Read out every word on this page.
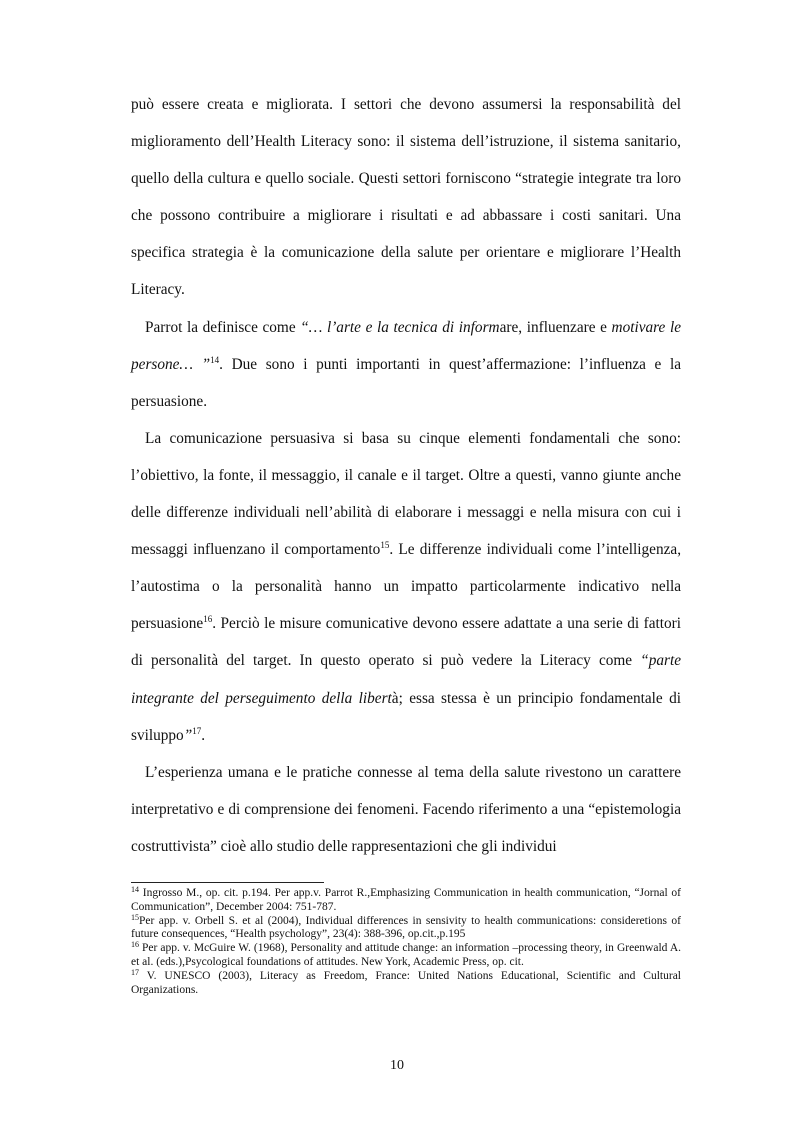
può essere creata e migliorata. I settori che devono assumersi la responsabilità del miglioramento dell’Health Literacy sono: il sistema dell’istruzione, il sistema sanitario, quello della cultura e quello sociale. Questi settori forniscono “strategie integrate tra loro che possono contribuire a migliorare i risultati e ad abbassare i costi sanitari. Una specifica strategia è la comunicazione della salute per orientare e migliorare l’Health Literacy.

Parrot la definisce come “… l’arte e la tecnica di informare, influenzare e motivare le persone… ”$^{14}$. Due sono i punti importanti in quest’affermazione: l’influenza e la persuasione.

La comunicazione persuasiva si basa su cinque elementi fondamentali che sono: l’obiettivo, la fonte, il messaggio, il canale e il target. Oltre a questi, vanno giunte anche delle differenze individuali nell’abilità di elaborare i messaggi e nella misura con cui i messaggi influenzano il comportamento$^{15}$. Le differenze individuali come l’intelligenza, l’autostima o la personalità hanno un impatto particolarmente indicativo nella persuasione$^{16}$. Perciò le misure comunicative devono essere adattate a una serie di fattori di personalità del target. In questo operato si può vedere la Literacy come “parte integrante del perseguimento della libertà; essa stessa è un principio fondamentale di sviluppo”$^{17}$.

L’esperienza umana e le pratiche connesse al tema della salute rivestono un carattere interpretativo e di comprensione dei fenomeni. Facendo riferimento a una “epistemologia costruttivista” cioè allo studio delle rappresentazioni che gli individui

$^{14}$ Ingrosso M., op. cit. p.194. Per app.v. Parrot R.,Emphasizing Communication in health communication, “Jornal of Communication”, December 2004: 751-787.

$^{15}$Per app. v. Orbell S. et al (2004), Individual differences in sensivity to health communications: consideretions of future consequences, “Health psychology”, 23(4): 388-396, op.cit.,p.195

$^{16}$ Per app. v. McGuire W. (1968), Personality and attitude change: an information –processing theory, in Greenwald A. et al. (eds.),Psycological foundations of attitudes. New York, Academic Press, op. cit.

$^{17}$ V. UNESCO (2003), Literacy as Freedom, France: United Nations Educational, Scientific and Cultural Organizations.

10
